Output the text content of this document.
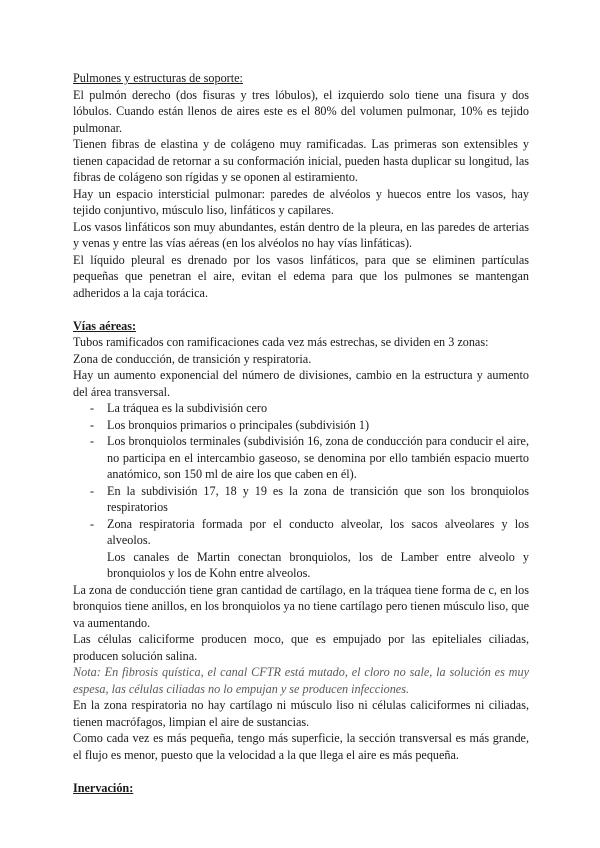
Pulmones y estructuras de soporte:

El pulmón derecho (dos fisuras y tres lóbulos), el izquierdo solo tiene una fisura y dos lóbulos. Cuando están llenos de aires este es el 80% del volumen pulmonar, 10% es tejido pulmonar.

Tienen fibras de elastina y de colágeno muy ramificadas. Las primeras son extensibles y tienen capacidad de retornar a su conformación inicial, pueden hasta duplicar su longitud, las fibras de colágeno son rígidas y se oponen al estiramiento.

Hay un espacio intersticial pulmonar: paredes de alvéolos y huecos entre los vasos, hay tejido conjuntivo, músculo liso, linfáticos y capilares.

Los vasos linfáticos son muy abundantes, están dentro de la pleura, en las paredes de arterias y venas y entre las vías aéreas (en los alvéolos no hay vías linfáticas).

El líquido pleural es drenado por los vasos linfáticos, para que se eliminen partículas pequeñas que penetran el aire, evitan el edema para que los pulmones se mantengan adheridos a la caja torácica.

Vías aéreas:

Tubos ramificados con ramificaciones cada vez más estrechas, se dividen en 3 zonas:

Zona de conducción, de transición y respiratoria.

Hay un aumento exponencial del número de divisiones, cambio en la estructura y aumento del área transversal.

- La tráquea es la subdivisión cero
- Los bronquios primarios o principales (subdivisión 1)
- Los bronquiolos terminales (subdivisión 16, zona de conducción para conducir el aire, no participa en el intercambio gaseoso, se denomina por ello también espacio muerto anatómico, son 150 ml de aire los que caben en él).
- En la subdivisión 17, 18 y 19 es la zona de transición que son los bronquiolos respiratorios
- Zona respiratoria formada por el conducto alveolar, los sacos alveolares y los alveolos.

Los canales de Martin conectan bronquiolos, los de Lamber entre alveolo y bronquiolos y los de Kohn entre alveolos.

La zona de conducción tiene gran cantidad de cartílago, en la tráquea tiene forma de c, en los bronquios tiene anillos, en los bronquiolos ya no tiene cartílago pero tienen músculo liso, que va aumentando.

Las células caliciforme producen moco, que es empujado por las epiteliales ciliadas, producen solución salina.

Nota: En fibrosis quística, el canal CFTR está mutado, el cloro no sale, la solución es muy espesa, las células ciliadas no lo empujan y se producen infecciones.

En la zona respiratoria no hay cartílago ni músculo liso ni células caliciformes ni ciliadas, tienen macrófagos, limpian el aire de sustancias.

Como cada vez es más pequeña, tengo más superficie, la sección transversal es más grande, el flujo es menor, puesto que la velocidad a la que llega el aire es más pequeña.

Inervación:
